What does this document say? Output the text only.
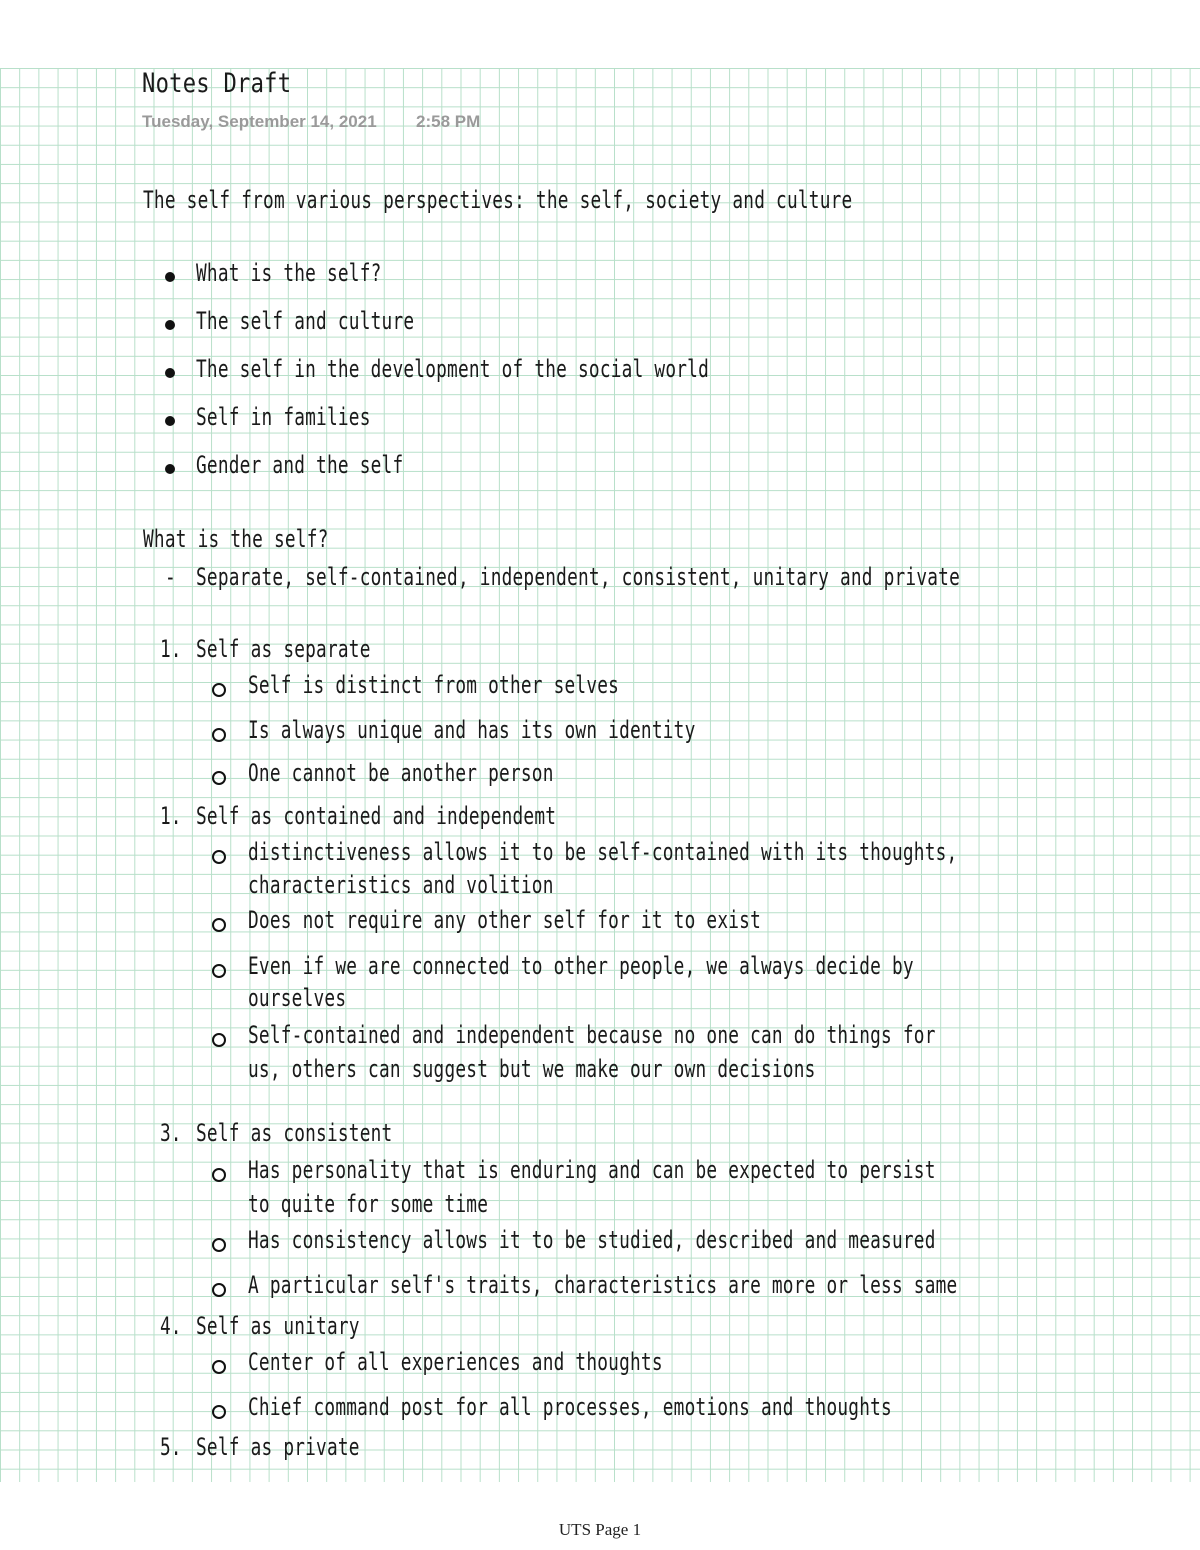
Notes Draft
Tuesday, September 14, 2021 2:58 PM
The self from various perspectives: the self, society and culture
What is the self?
The self and culture
The self in the development of the social world
Self in families
Gender and the self
What is the self?
- Separate, self-contained, independent, consistent, unitary and private
1. Self as separate
Self is distinct from other selves
Is always unique and has its own identity
One cannot be another person
1. Self as contained and independemt
distinctiveness allows it to be self-contained with its thoughts,
characteristics and volition
Does not require any other self for it to exist
Even if we are connected to other people, we always decide by
ourselves
Self-contained and independent because no one can do things for
us, others can suggest but we make our own decisions
3. Self as consistent
Has personality that is enduring and can be expected to persist
to quite for some time
Has consistency allows it to be studied, described and measured
A particular self's traits, characteristics are more or less same
4. Self as unitary
Center of all experiences and thoughts
Chief command post for all processes, emotions and thoughts
5. Self as private
UTS Page 1
